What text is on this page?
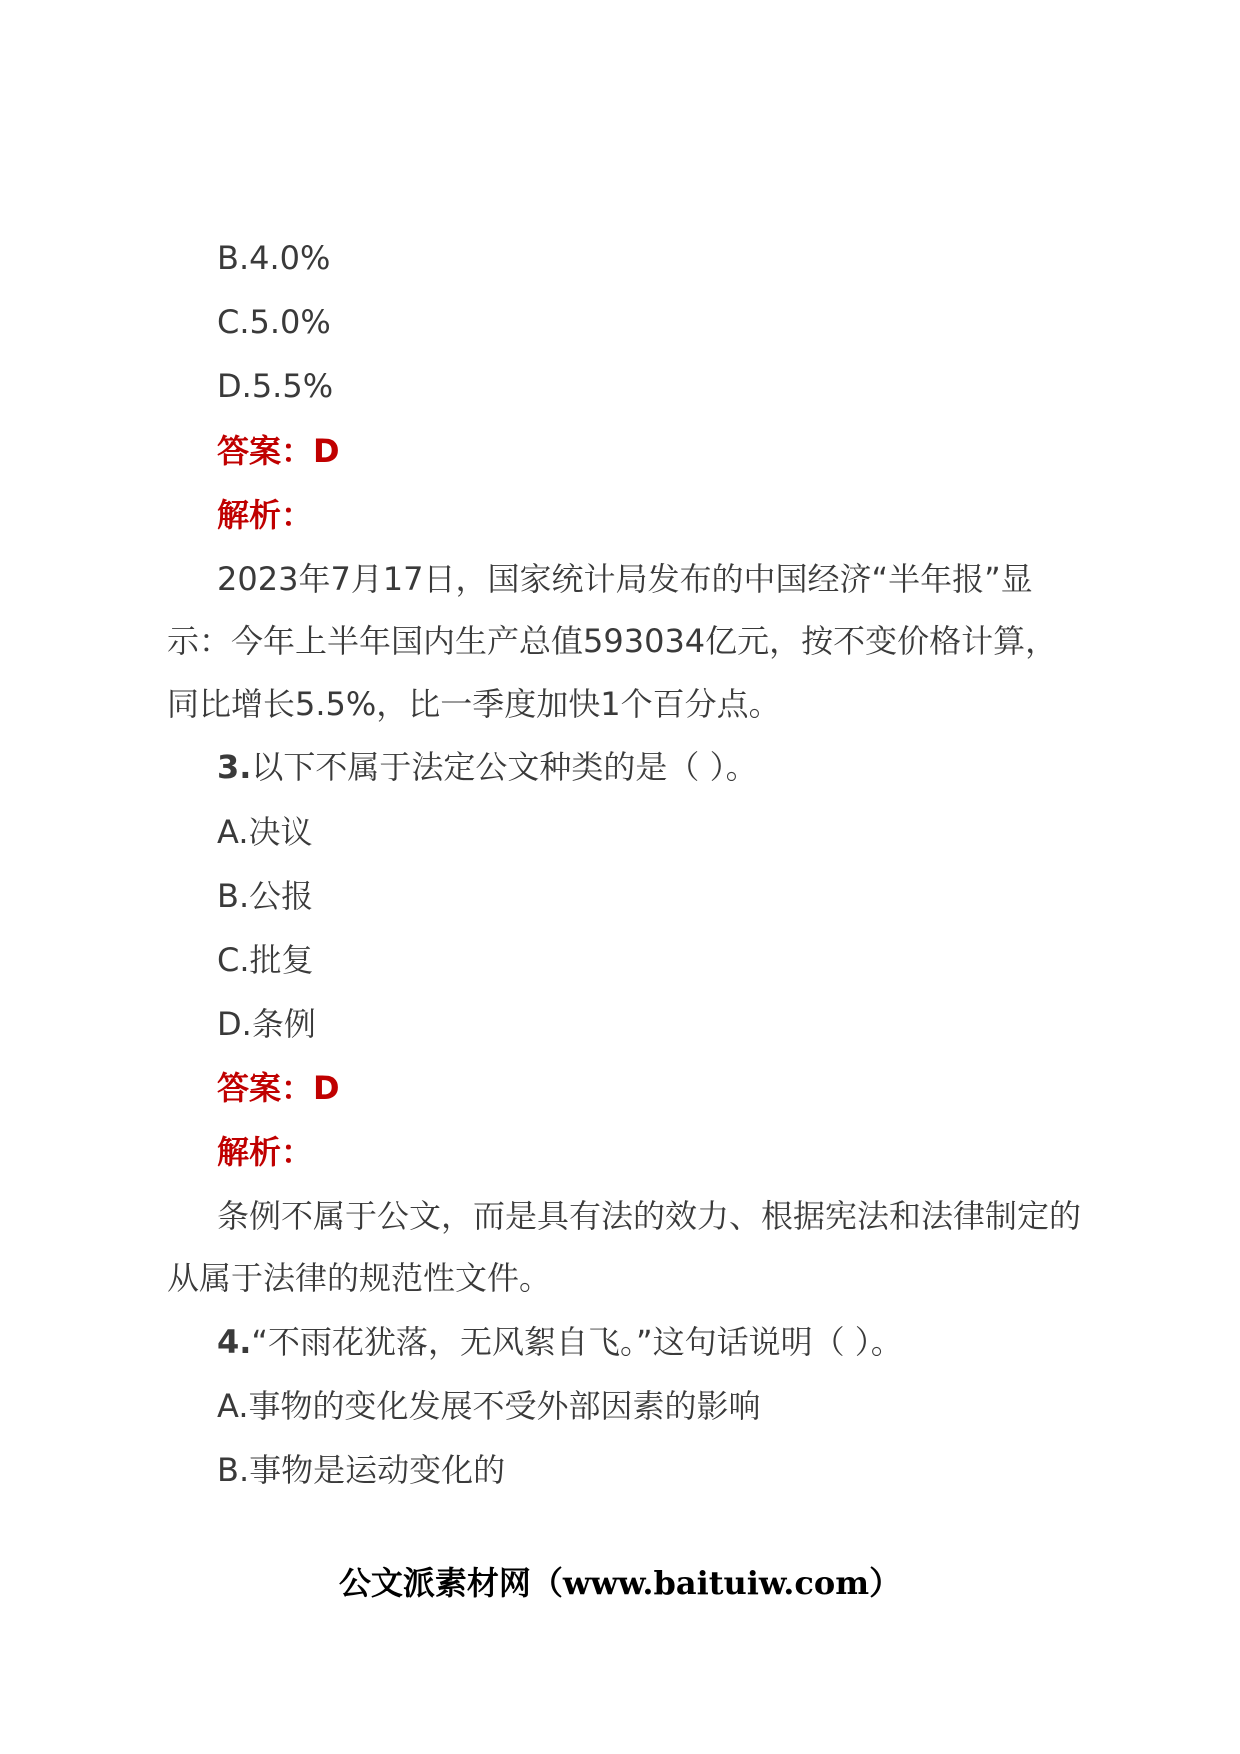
B.4.0%
C.5.0%
D.5.5%
答案：D
解析：
2023年7月17日，国家统计局发布的中国经济“半年报”显
示：今年上半年国内生产总值593034亿元，按不变价格计算，
同比增长5.5%，比一季度加快1个百分点。
3.以下不属于法定公文种类的是（ ）。
A.决议
B.公报
C.批复
D.条例
答案：D
解析：
条例不属于公文，而是具有法的效力、根据宪法和法律制定的
从属于法律的规范性文件。
4.“不雨花犹落，无风絮自飞。”这句话说明（ ）。
A.事物的变化发展不受外部因素的影响
B.事物是运动变化的
公文派素材网（www.baituiw.com）
